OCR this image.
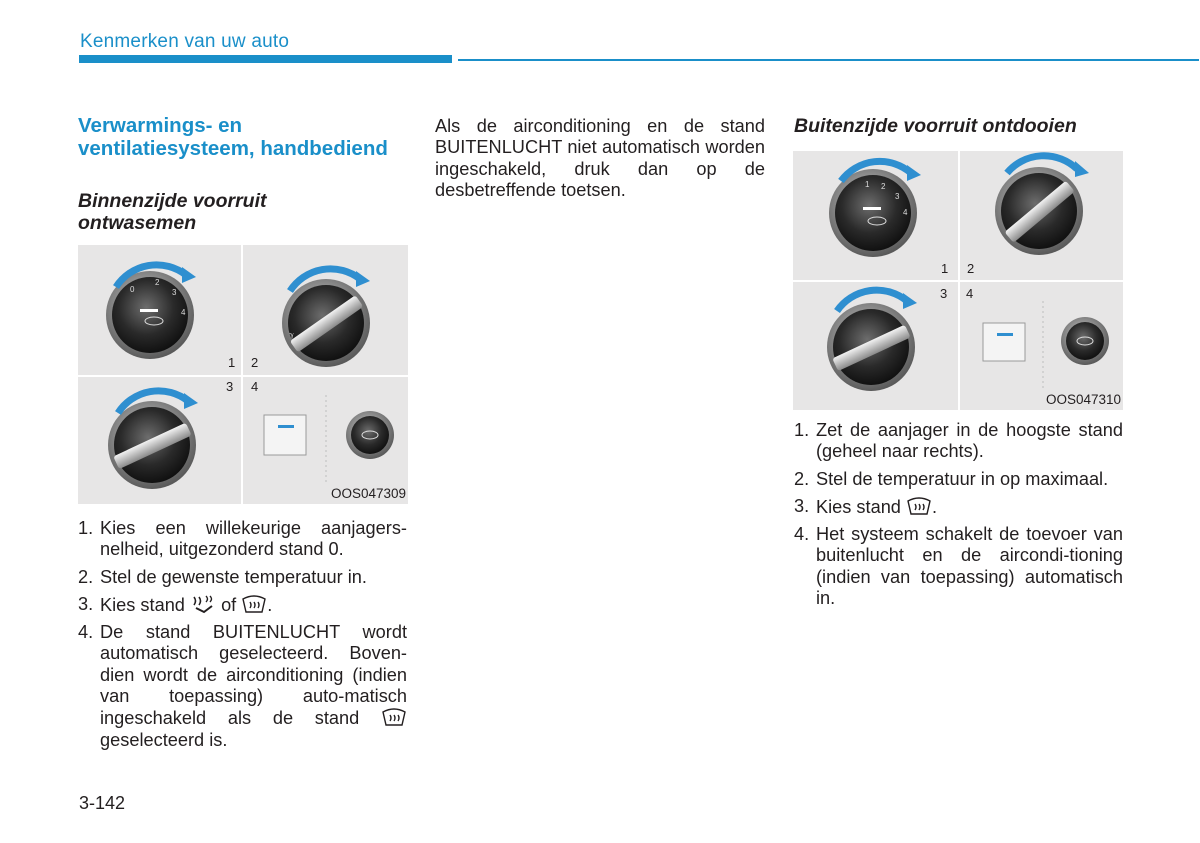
Kenmerken van uw auto
Verwarmings- en ventilatiesysteem, handbediend
Binnenzijde voorruit ontwasemen
0
2
3
4
ℽ
1 2
3 4
OOS047309
1. Kies een willekeurige aanjagers-nelheid, uitgezonderd stand 0.
2. Stel de gewenste temperatuur in.
3. Kies stand of .
4. De stand BUITENLUCHT wordt automatisch geselecteerd. Boven-dien wordt de airconditioning (indien van toepassing) auto-matisch ingeschakeld als de stand  geselecteerd is.
Als de airconditioning en de stand BUITENLUCHT niet automatisch worden ingeschakeld, druk dan op de desbetreffende toetsen.
Buitenzijde voorruit ontdooien
1 2
3
4
1 2
3 4
OOS047310
1. Zet de aanjager in de hoogste stand (geheel naar rechts).
2. Stel de temperatuur in op maximaal.
3. Kies stand .
4. Het systeem schakelt de toevoer van buitenlucht en de aircondi-tioning (indien van toepassing) automatisch in.
3-142
